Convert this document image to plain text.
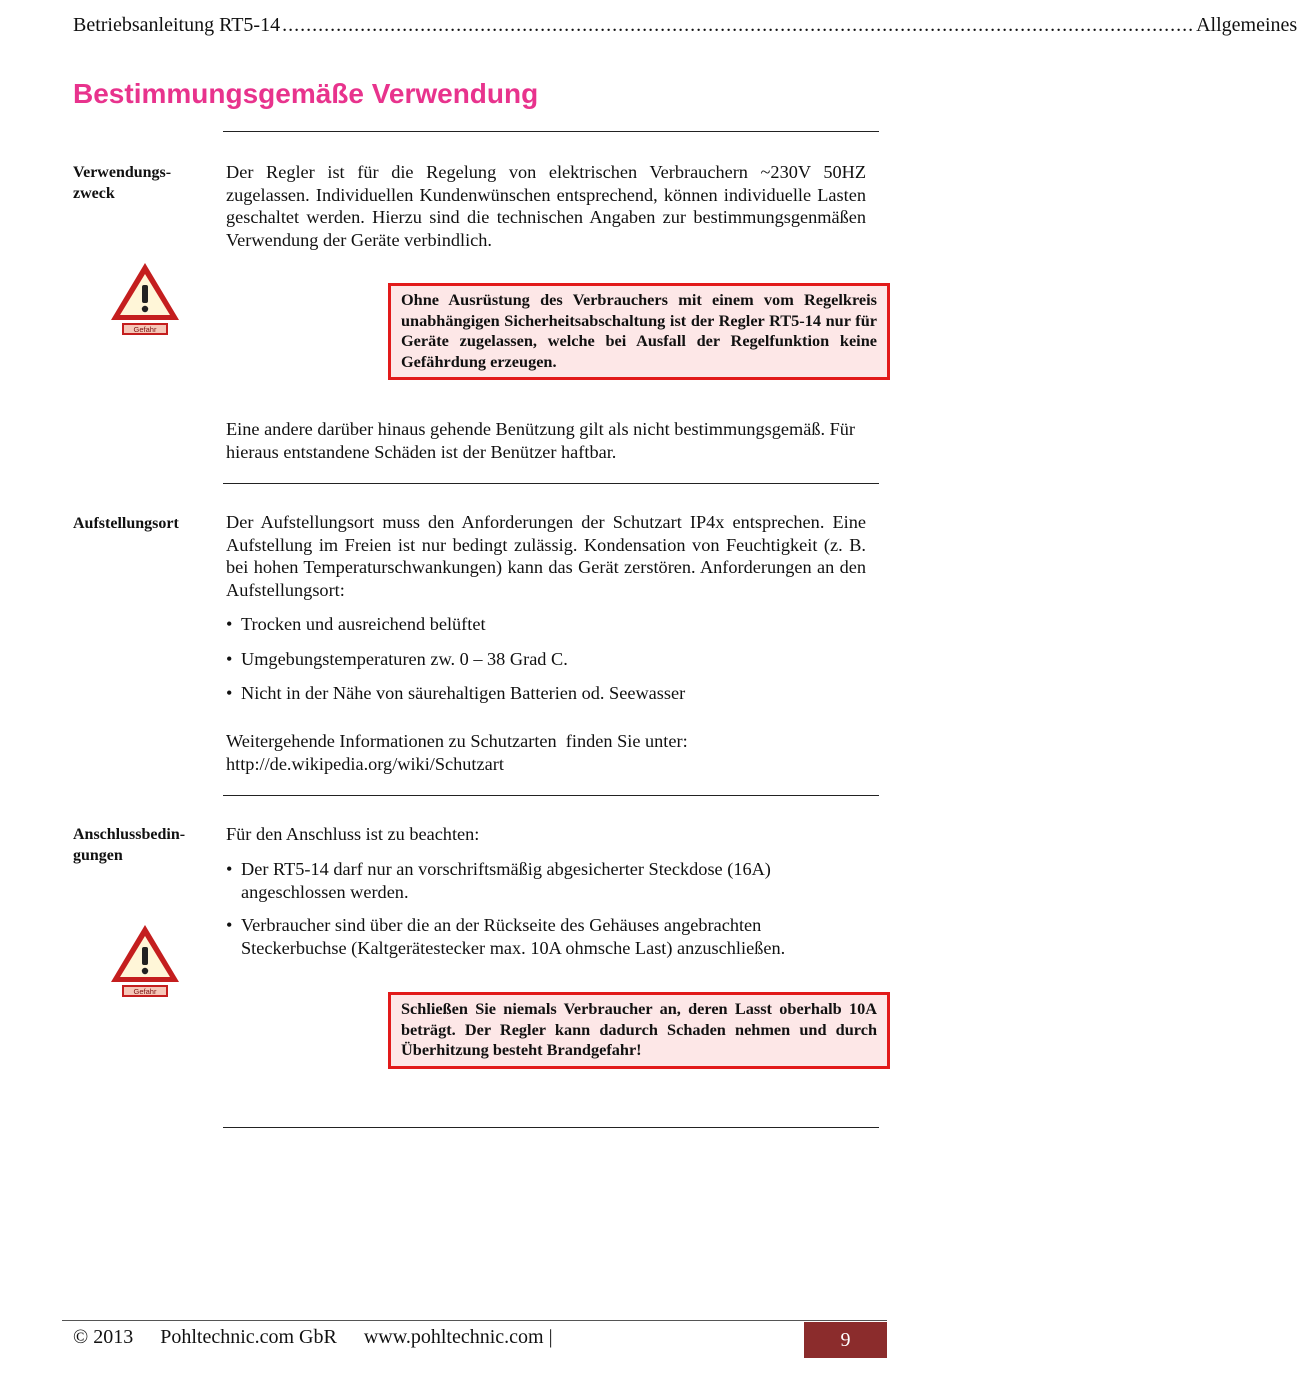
Betriebsanleitung RT5-14 ........................................................................................................................................................ Allgemeines
Bestimmungsgemäße Verwendung
Verwendungs-
zweck
Der Regler ist für die Regelung von elektrischen Verbrauchern ~230V 50HZ zugelassen. Individuellen Kundenwünschen entsprechend, können individuelle Lasten geschaltet werden. Hierzu sind die technischen Angaben zur bestimmungsgenmäßen Verwendung der Geräte verbindlich.
Gefahr
Ohne Ausrüstung des Verbrauchers mit einem vom Regelkreis unabhängigen Sicherheitsabschaltung ist der Regler RT5-14 nur für Geräte zugelassen, welche bei Ausfall der Regelfunktion keine Gefährdung erzeugen.
Eine andere darüber hinaus gehende Benützung gilt als nicht bestimmungsgemäß. Für hieraus entstandene Schäden ist der Benützer haftbar.
Aufstellungsort	Der Aufstellungsort muss den Anforderungen der Schutzart IP4x entsprechen. Eine Aufstellung im Freien ist nur bedingt zulässig. Kondensation von Feuchtigkeit (z. B. bei hohen Temperaturschwankungen) kann das Gerät zerstören. Anforderungen an den Aufstellungsort:
• Trocken und ausreichend belüftet
• Umgebungstemperaturen zw. 0 – 38 Grad C.
• Nicht in der Nähe von säurehaltigen Batterien od. Seewasser
Weitergehende Informationen zu Schutzarten  finden Sie unter:
http://de.wikipedia.org/wiki/Schutzart
Anschlussbedin-
gungen
Für den Anschluss ist zu beachten:
• Der RT5-14 darf nur an vorschriftsmäßig abgesicherter Steckdose (16A) angeschlossen werden.
• Verbraucher sind über die an der Rückseite des Gehäuses angebrachten Steckerbuchse (Kaltgerätestecker max. 10A ohmsche Last) anzuschließen.
Gefahr
Schließen Sie niemals Verbraucher an, deren Lasst oberhalb 10A beträgt. Der Regler kann dadurch Schaden nehmen und durch Überhitzung besteht Brandgefahr!
© 2013 Pohltechnic.com GbR www.pohltechnic.com |	9
